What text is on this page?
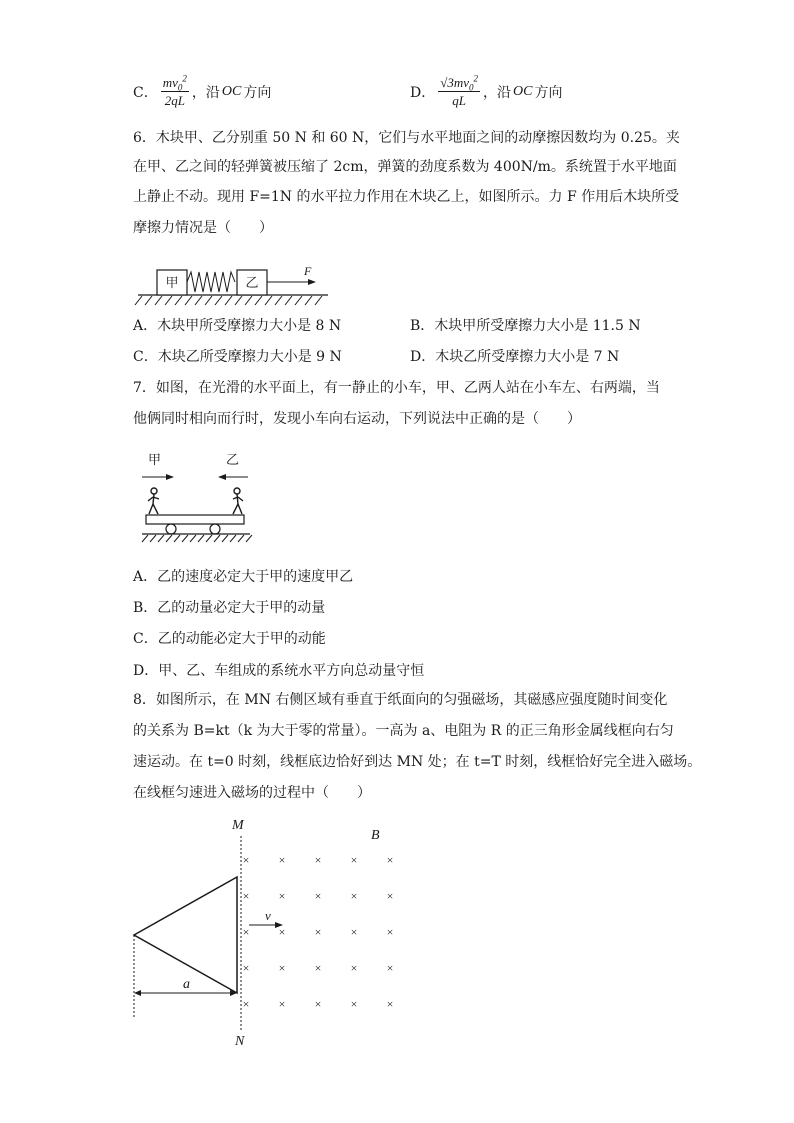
C． $\frac{mv_0^2}{2qL}$ ，沿 OC 方向	D． $\frac{√3mv_0^2}{qL}$ ，沿 OC 方向
6．木块甲、乙分别重 50 N 和 60 N，它们与水平地面之间的动摩擦因数均为 0.25。夹
在甲、乙之间的轻弹簧被压缩了 2cm，弹簧的劲度系数为 400N/m。系统置于水平地面
上静止不动。现用 F=1N 的水平拉力作用在木块乙上，如图所示。力 F 作用后木块所受
摩擦力情况是（　　）
甲	乙
F
A．木块甲所受摩擦力大小是 8 N	B．木块甲所受摩擦力大小是 11.5 N
C．木块乙所受摩擦力大小是 9 N	D．木块乙所受摩擦力大小是 7 N
7．如图，在光滑的水平面上，有一静止的小车，甲、乙两人站在小车左、右两端，当
他俩同时相向而行时，发现小车向右运动，下列说法中正确的是（　　）
甲	乙
A．乙的速度必定大于甲的速度甲乙
B．乙的动量必定大于甲的动量
C．乙的动能必定大于甲的动能
D．甲、乙、车组成的系统水平方向总动量守恒
8．如图所示，在 MN 右侧区域有垂直于纸面向的匀强磁场，其磁感应强度随时间变化
的关系为 B=kt（k 为大于零的常量）。一高为 a、电阻为 R 的正三角形金属线框向右匀
速运动。在 t=0 时刻，线框底边恰好到达 MN 处；在 t=T 时刻，线框恰好完全进入磁场。
在线框匀速进入磁场的过程中（　　）
M
N
B
a
v
× × × × ×
× × × × ×
× × × × ×
× × × × ×
× × × × ×
